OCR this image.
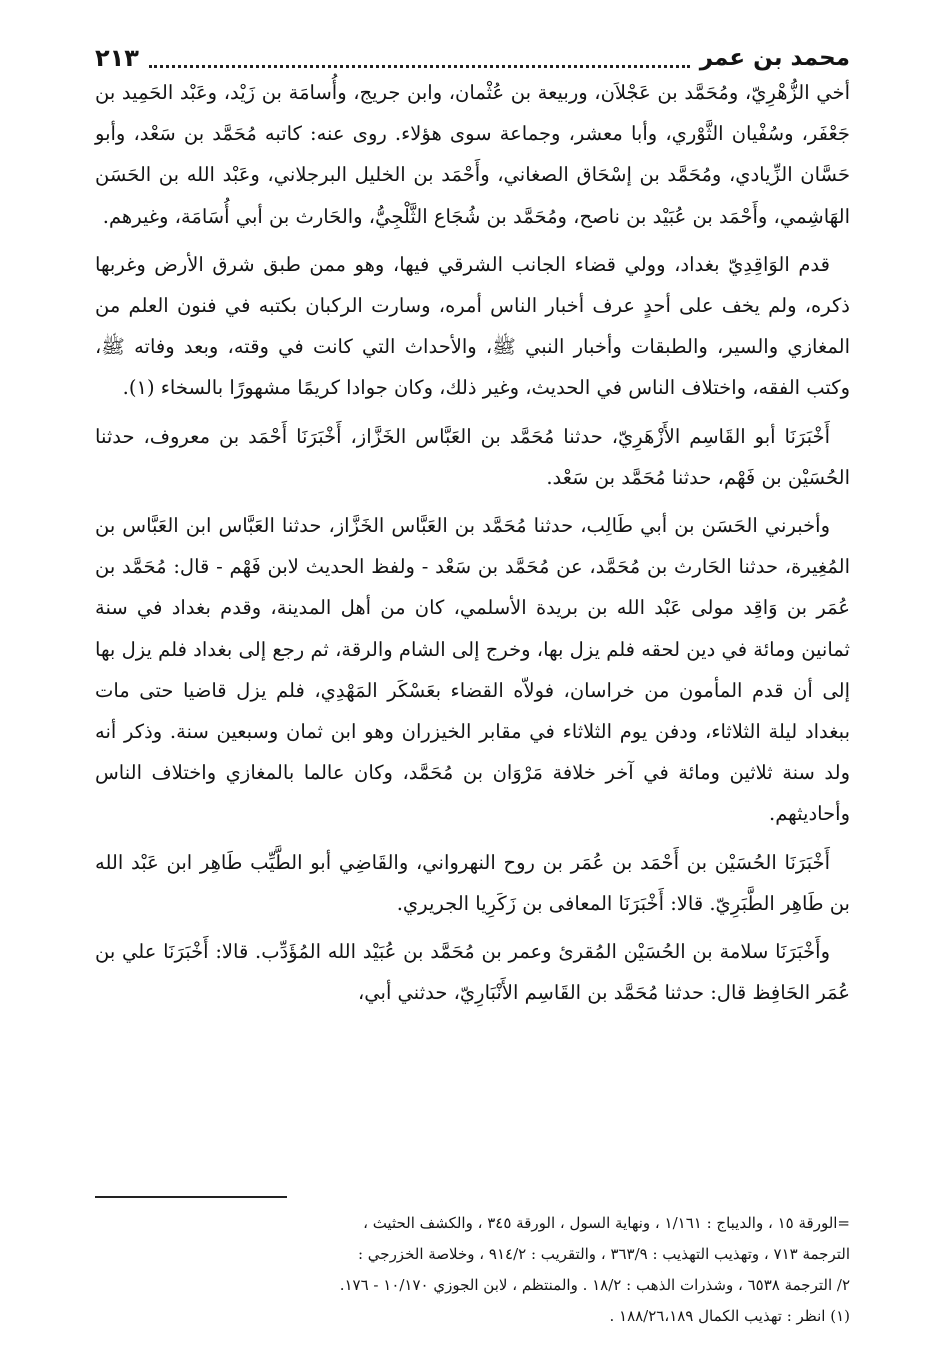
محمد بن عمر
٢١٣

أخي الزُّهْرِيّ، ومُحَمَّد بن عَجْلاَن، وربيعة بن عُثْمان، وابن جريج، وأُسامَة بن زَيْد، وعَبْد الحَمِيد بن جَعْفَر، وسُفْيان الثَّوْري، وأبا معشر، وجماعة سوى هؤلاء. روى عنه: كاتبه مُحَمَّد بن سَعْد، وأبو حَسَّان الزِّيادي، ومُحَمَّد بن إسْحَاق الصغاني، وأَحْمَد بن الخليل البرجلاني، وعَبْد الله بن الحَسَن الهَاشِمي، وأَحْمَد بن عُبَيْد بن ناصح، ومُحَمَّد بن شُجَاع الثَّلْجِيُّ، والحَارث بن أبي أُسَامَة، وغيرهم.

قدم الوَاقِدِيّ بغداد، وولي قضاء الجانب الشرقي فيها، وهو ممن طبق شرق الأرض وغربها ذكره، ولم يخف على أحدٍ عرف أخبار الناس أمره، وسارت الركبان بكتبه في فنون العلم من المغازي والسير، والطبقات وأخبار النبي ﷺ، والأحداث التي كانت في وقته، وبعد وفاته ﷺ، وكتب الفقه، واختلاف الناس في الحديث، وغير ذلك، وكان جوادا كريمًا مشهورًا بالسخاء (١).

أَخْبَرَنَا أبو القَاسِم الأَزْهَرِيّ، حدثنا مُحَمَّد بن العَبَّاس الخَزَّاز، أَخْبَرَنَا أَحْمَد بن معروف، حدثنا الحُسَيْن بن فَهْم، حدثنا مُحَمَّد بن سَعْد.

وأخبرني الحَسَن بن أبي طَالِب، حدثنا مُحَمَّد بن العَبَّاس الخَزَّاز، حدثنا العَبَّاس ابن العَبَّاس بن المُغِيرة، حدثنا الحَارث بن مُحَمَّد، عن مُحَمَّد بن سَعْد - ولفظ الحديث لابن فَهْم - قال: مُحَمَّد بن عُمَر بن وَاقِد مولى عَبْد الله بن بريدة الأسلمي، كان من أهل المدينة، وقدم بغداد في سنة ثمانين ومائة في دين لحقه فلم يزل بها، وخرج إلى الشام والرقة، ثم رجع إلى بغداد فلم يزل بها إلى أن قدم المأمون من خراسان، فولاّه القضاء بعَسْكَر المَهْدِي، فلم يزل قاضيا حتى مات ببغداد ليلة الثلاثاء، ودفن يوم الثلاثاء في مقابر الخيزران وهو ابن ثمان وسبعين سنة. وذكر أنه ولد سنة ثلاثين ومائة في آخر خلافة مَرْوَان بن مُحَمَّد، وكان عالما بالمغازي واختلاف الناس وأحاديثهم.

أَخْبَرَنَا الحُسَيْن بن أَحْمَد بن عُمَر بن روح النهرواني، والقَاضِي أبو الطَّيِّب طَاهِر ابن عَبْد الله بن طَاهِر الطَّبَرِيّ. قالا: أَخْبَرَنَا المعافى بن زَكَرِيا الجريري.

وأَخْبَرَنَا سلامة بن الحُسَيْن المُقرئ وعمر بن مُحَمَّد بن عُبَيْد الله المُؤَدِّب. قالا: أَخْبَرَنَا علي بن عُمَر الحَافِظ قال: حدثنا مُحَمَّد بن القَاسِم الأَنْبَارِيّ، حدثني أبي،

=الورقة ١٥ ، والديباج : ١/١٦١ ، ونهاية السول ، الورقة ٣٤٥ ، والكشف الحثيث ،
الترجمة ٧١٣ ، وتهذيب التهذيب : ٣٦٣/٩ ، والتقريب : ٩١٤/٢ ، وخلاصة الخزرجي :
٢/ الترجمة ٦٥٣٨ ، وشذرات الذهب : ١٨/٢ . والمنتظم ، لابن الجوزي ١٠/١٧٠ - ١٧٦.
(١) انظر : تهذيب الكمال ١٨٨/٢٦،١٨٩ .
